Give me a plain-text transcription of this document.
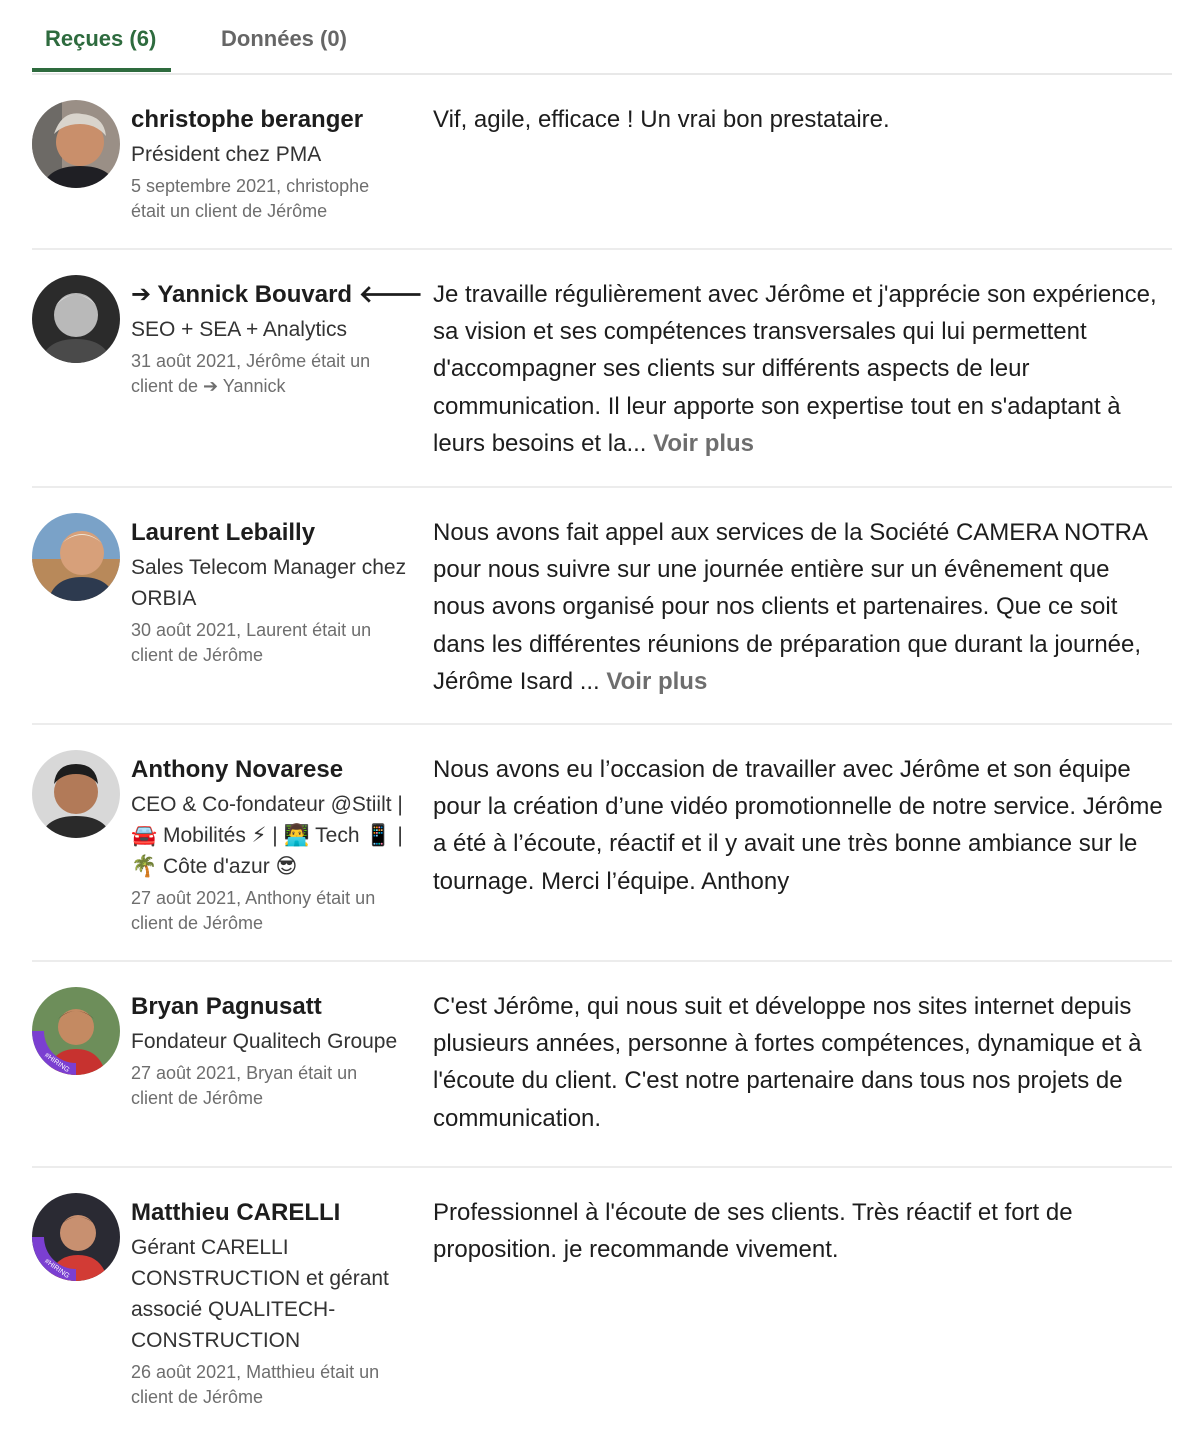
Reçues (6)	Données (0)
christophe beranger
Président chez PMA
5 septembre 2021, christophe
était un client de Jérôme
Vif, agile, efficace ! Un vrai bon prestataire.
➔ Yannick Bouvard 🡐
SEO + SEA + Analytics
31 août 2021, Jérôme était un
client de ➔ Yannick
Je travaille régulièrement avec Jérôme et j'apprécie son expérience, sa vision et ses compétences transversales qui lui permettent d'accompagner ses clients sur différents aspects de leur communication. Il leur apporte son expertise tout en s'adaptant à leurs besoins et la... Voir plus
Laurent Lebailly
Sales Telecom Manager chez ORBIA
30 août 2021, Laurent était un
client de Jérôme
Nous avons fait appel aux services de la Société CAMERA NOTRA pour nous suivre sur une journée entière sur un évênement que nous avons organisé pour nos clients et partenaires. Que ce soit dans les différentes réunions de préparation que durant la journée, Jérôme Isard ... Voir plus
Anthony Novarese
CEO & Co-fondateur @Stiilt | 🚘 Mobilités ⚡ | 👨‍💻 Tech 📱 | 🌴 Côte d'azur 😎
27 août 2021, Anthony était un
client de Jérôme
Nous avons eu l’occasion de travailler avec Jérôme et son équipe pour la création d’une vidéo promotionnelle de notre service. Jérôme a été à l’écoute, réactif et il y avait une très bonne ambiance sur le tournage. Merci l’équipe. Anthony
#HIRING
Bryan Pagnusatt
Fondateur Qualitech Groupe
27 août 2021, Bryan était un
client de Jérôme
C'est Jérôme, qui nous suit et développe nos sites internet depuis plusieurs années, personne à fortes compétences, dynamique et à l'écoute du client. C'est notre partenaire dans tous nos projets de communication.
#HIRING
Matthieu CARELLI
Gérant CARELLI CONSTRUCTION et gérant associé QUALITECH-CONSTRUCTION
26 août 2021, Matthieu était un
client de Jérôme
Professionnel à l'écoute de ses clients. Très réactif et fort de proposition. je recommande vivement.
